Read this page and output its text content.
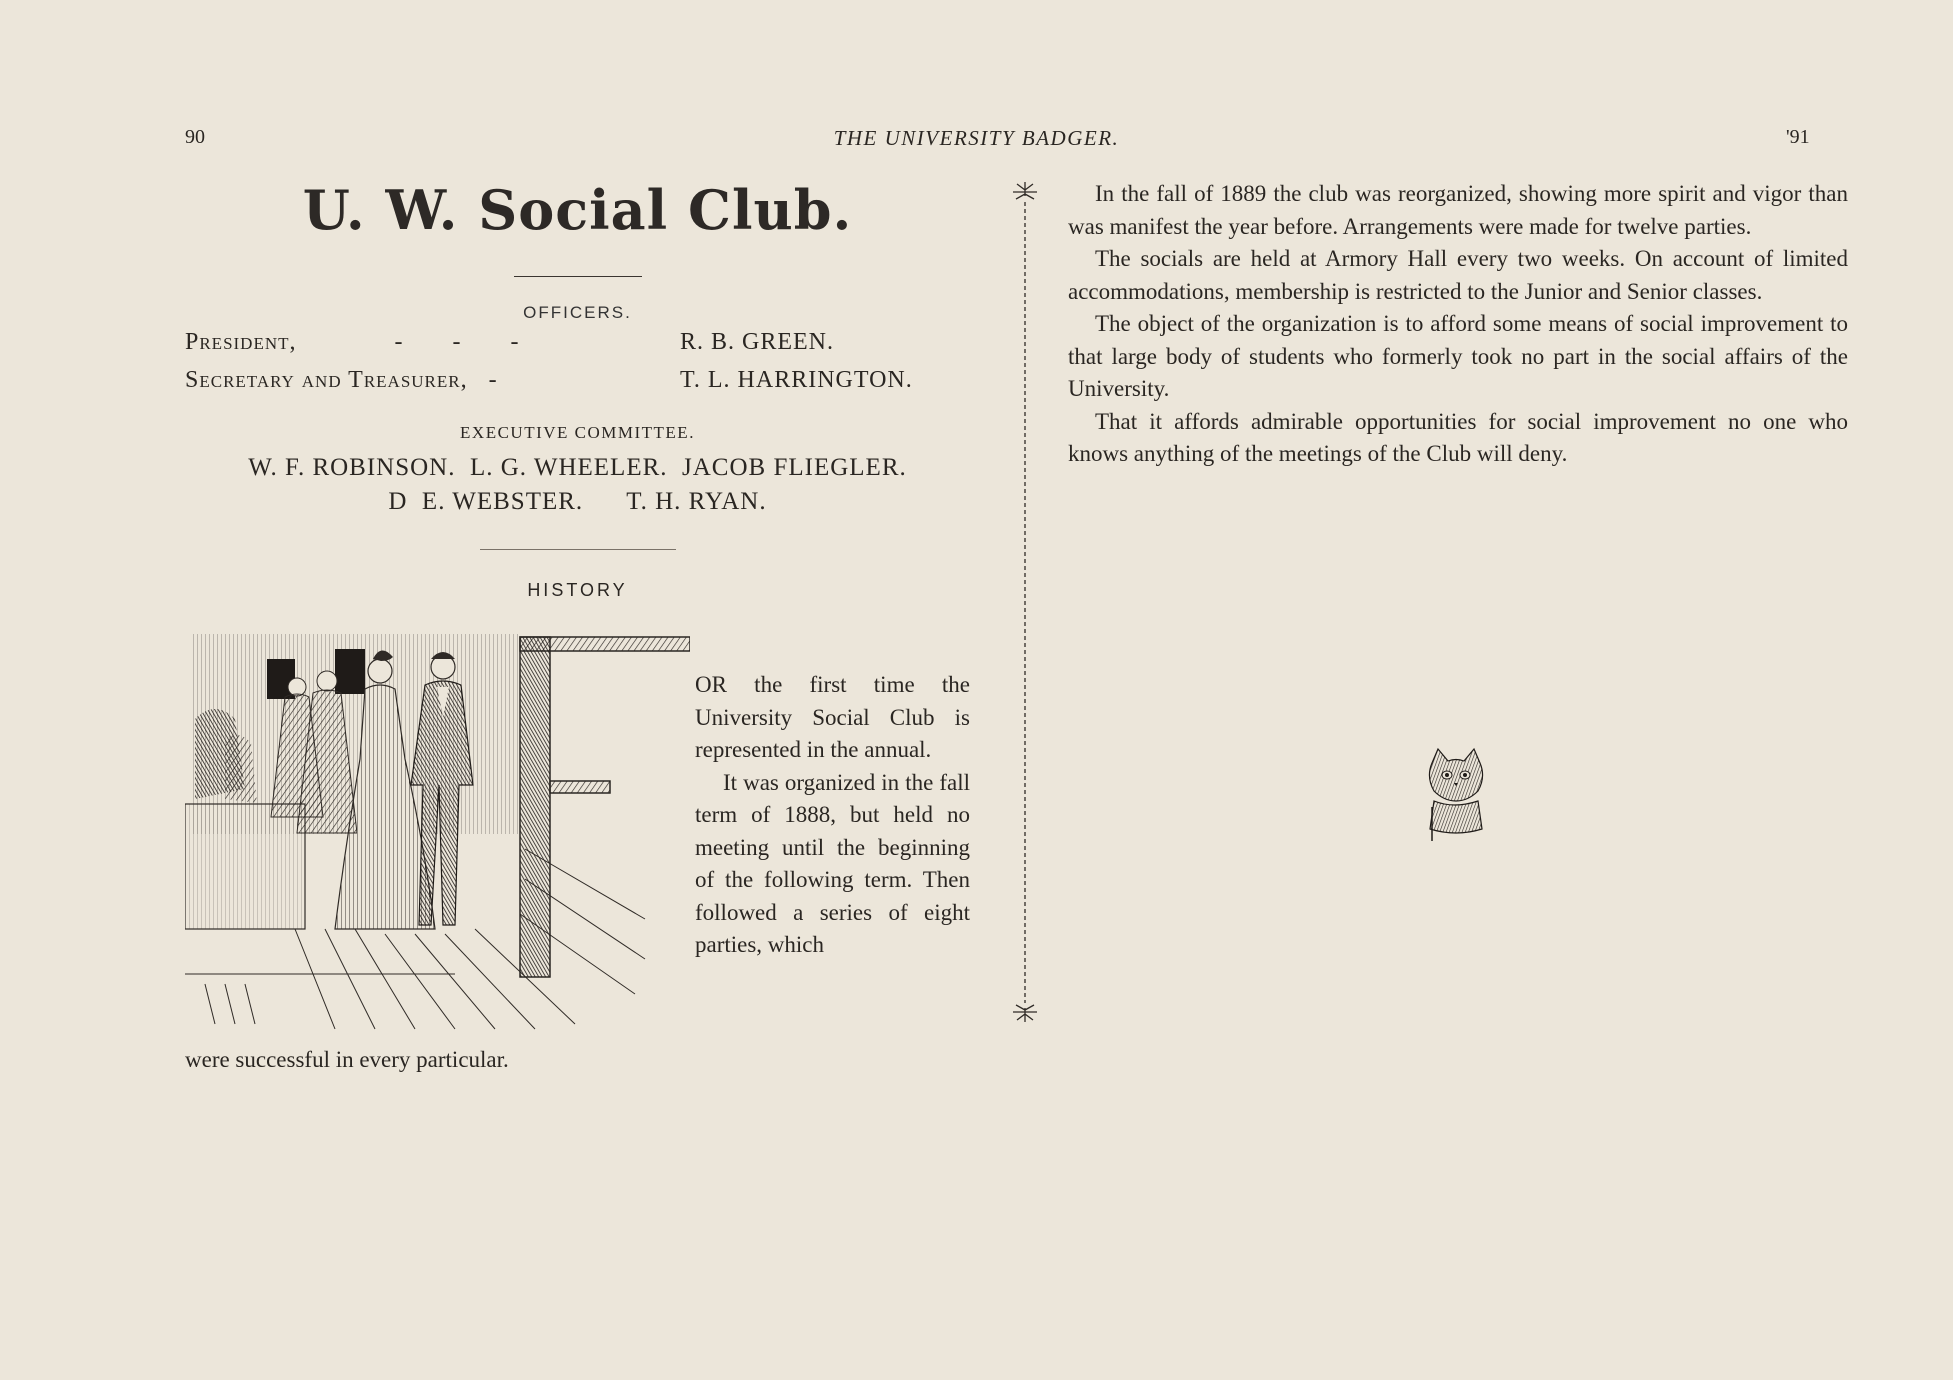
90	THE UNIVERSITY BADGER.	'91
U. W. Social Club.
OFFICERS.
President,              -       -       -	R. B. GREEN.
Secretary and Treasurer,   -	T. L. HARRINGTON.
EXECUTIVE COMMITTEE.
W. F. ROBINSON.  L. G. WHEELER.  JACOB FLIEGLER.
D  E. WEBSTER.      T. H. RYAN.
HISTORY

OR the first time the University Social Club is represented in the annual.

It was organized in the fall term of 1888, but held no meeting until the beginning of the following term. Then followed a series of eight parties, which

were successful in every particular.

In the fall of 1889 the club was reorganized, showing more spirit and vigor than was manifest the year before. Arrangements were made for twelve parties.

The socials are held at Armory Hall every two weeks. On account of limited accommodations, membership is restricted to the Junior and Senior classes.

The object of the organization is to afford some means of social improvement to that large body of students who formerly took no part in the social affairs of the University.

That it affords admirable opportunities for social improvement no one who knows anything of the meetings of the Club will deny.
